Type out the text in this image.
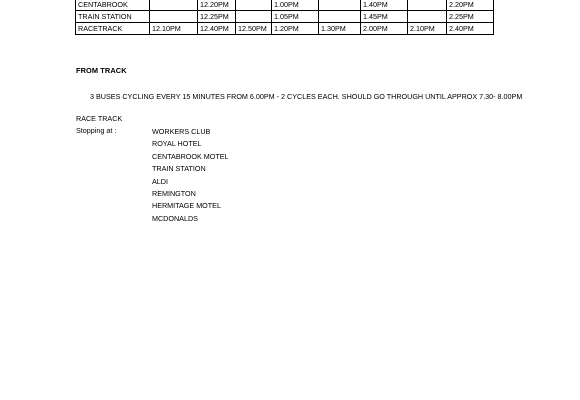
CENTABROOK		12.20PM		1.00PM		1.40PM		2.20PM
TRAIN STATION		12.25PM		1.05PM		1.45PM		2.25PM
RACETRACK	12.10PM	12.40PM	12.50PM	1.20PM	1.30PM	2.00PM	2.10PM	2.40PM
FROM TRACK
3 BUSES CYCLING EVERY 15 MINUTES FROM 6.00PM - 2 CYCLES EACH. SHOULD GO THROUGH UNTIL APPROX 7.30- 8.00PM
RACE TRACK
Stopping at :	WORKERS CLUB
ROYAL HOTEL
CENTABROOK MOTEL
TRAIN STATION
ALDI
REMINGTON
HERMITAGE MOTEL
MCDONALDS
